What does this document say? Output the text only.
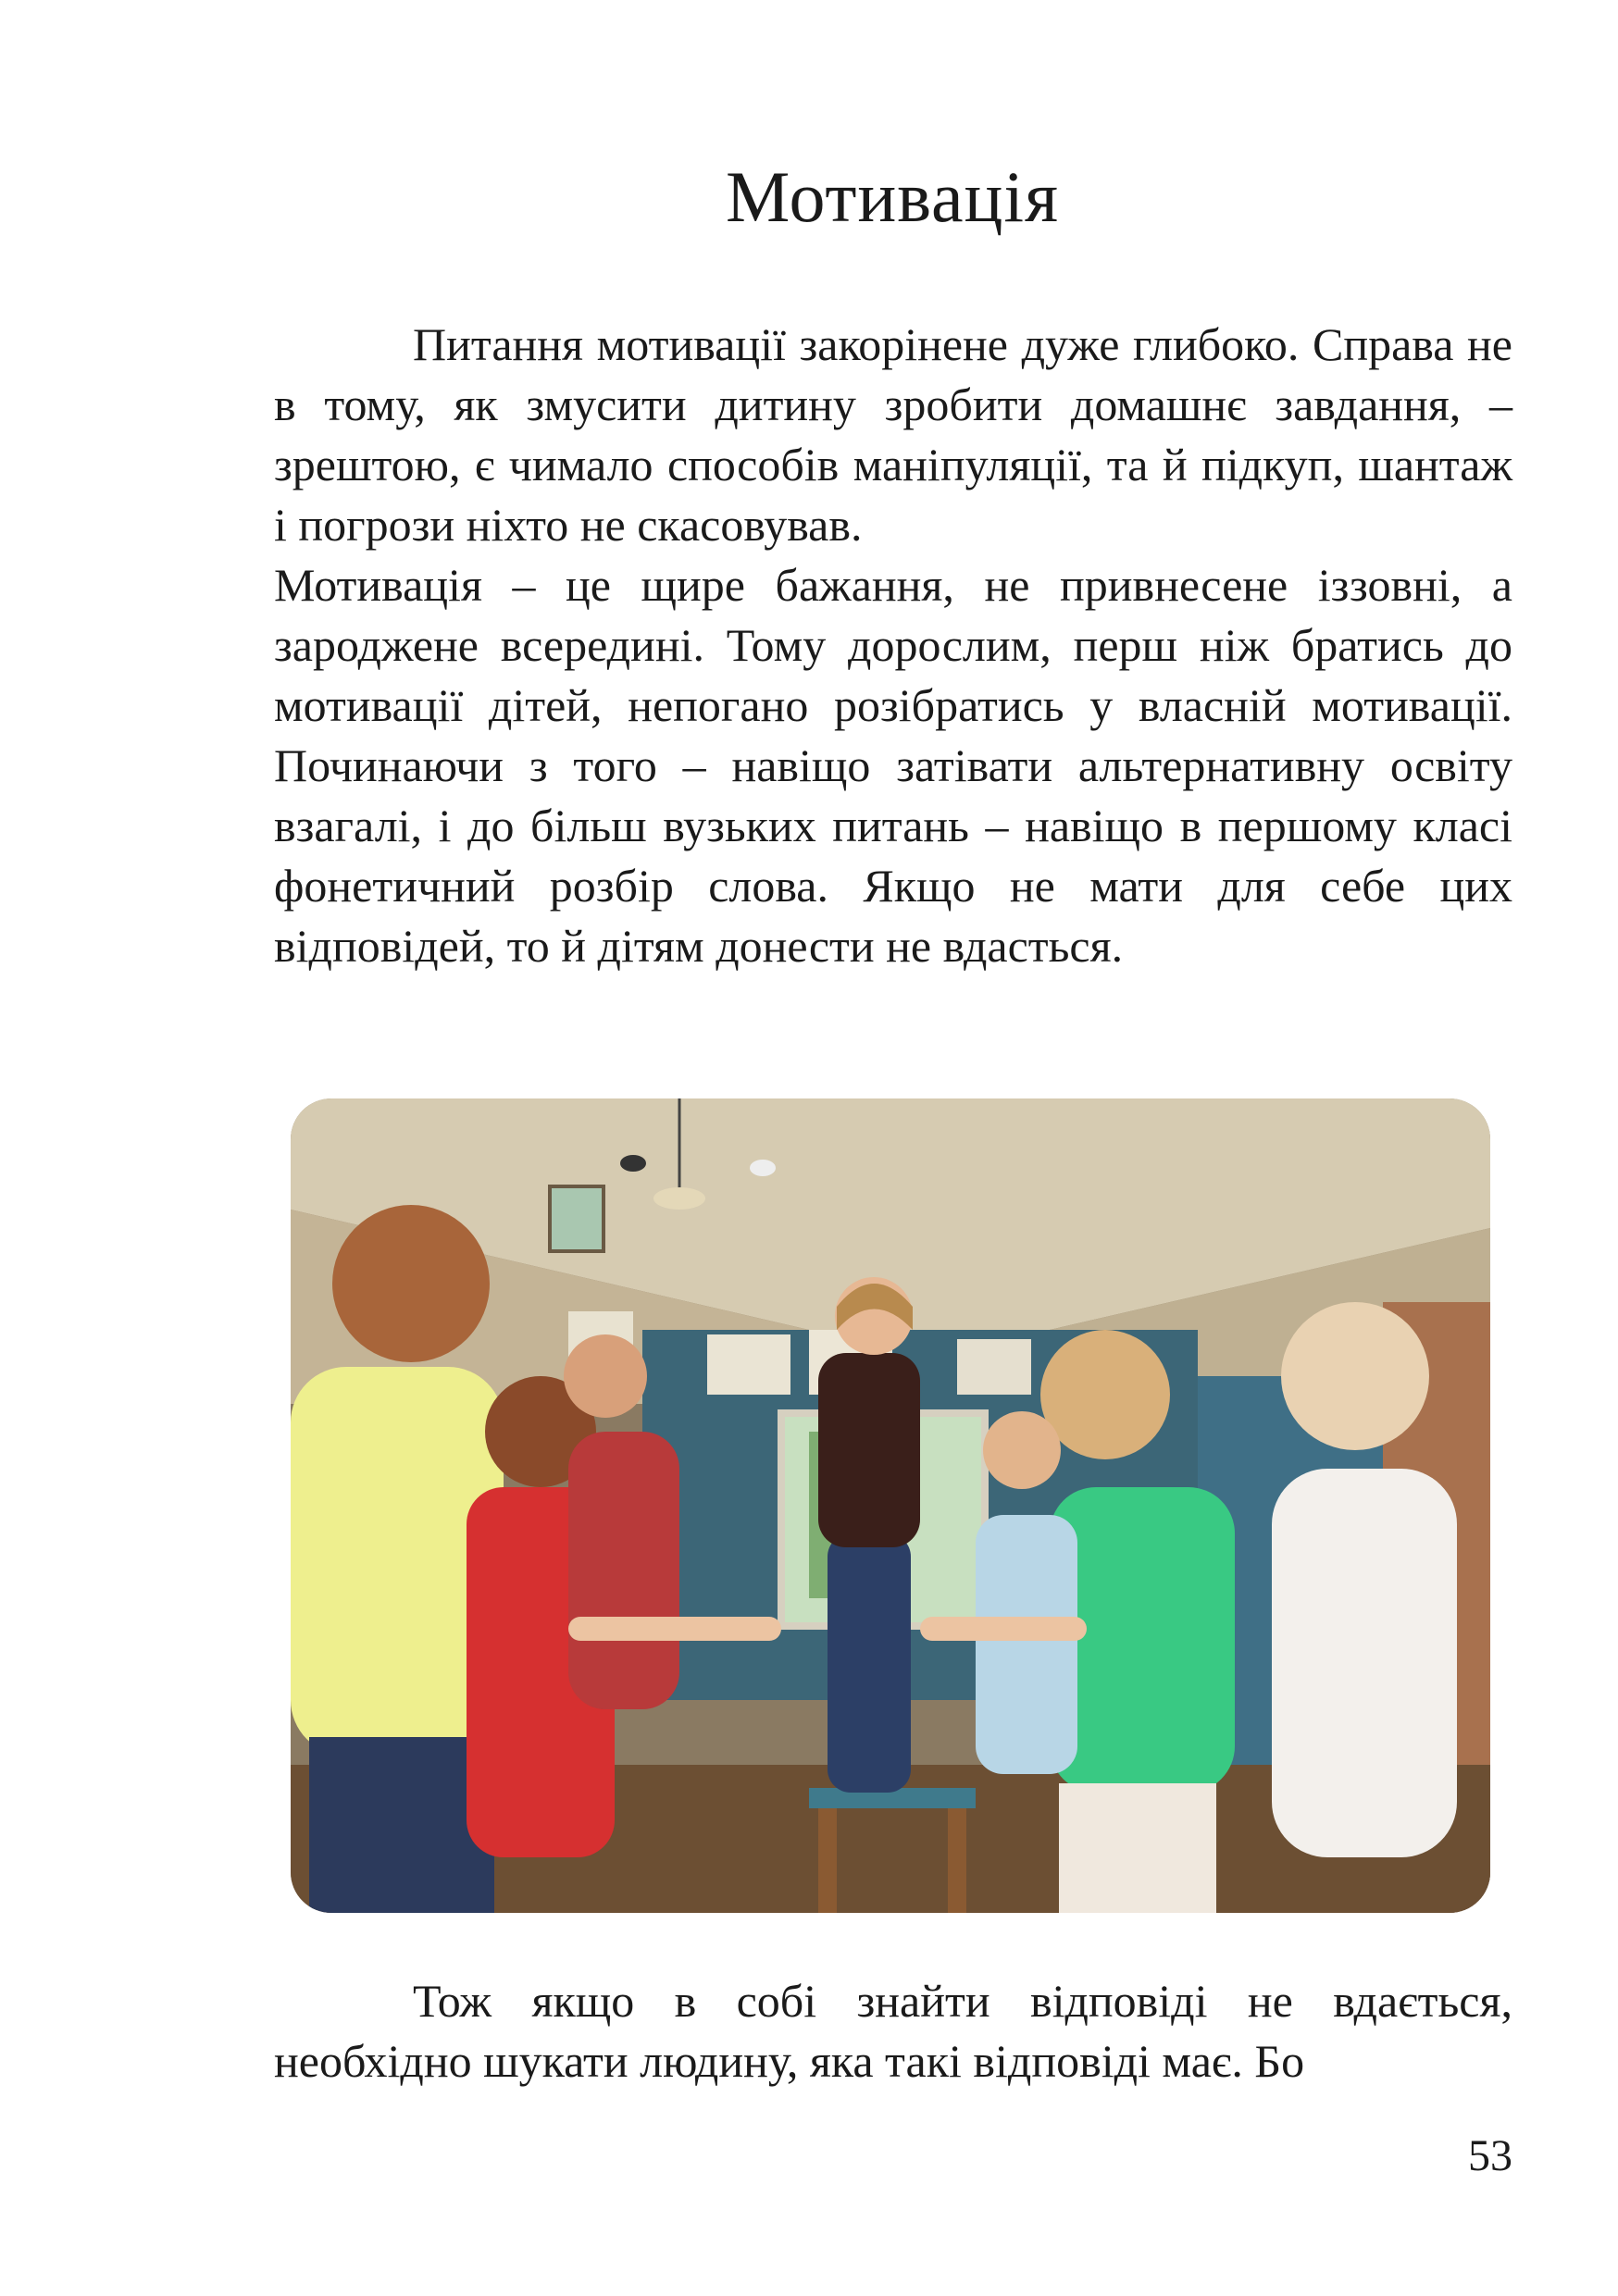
Мотивація

Питання мотивації закорінене дуже глибоко. Справа не в тому, як змусити дитину зробити домашнє завдання, – зрештою, є чимало способів маніпуляції, та й підкуп, шантаж і погрози ніхто не скасовував.

Мотивація – це щире бажання, не привнесене іззовні, а зароджене всередині. Тому дорослим, перш ніж братись до мотивації дітей, непогано розібратись у власній мотивації. Починаючи з того – навіщо затівати альтернативну освіту взагалі, і до більш вузьких питань – навіщо в першому класі фонетичний розбір слова. Якщо не мати для себе цих відповідей, то й дітям донести не вдасться.

Тож якщо в собі знайти відповіді не вдається, необхідно шукати людину, яка такі відповіді має. Бо

53
